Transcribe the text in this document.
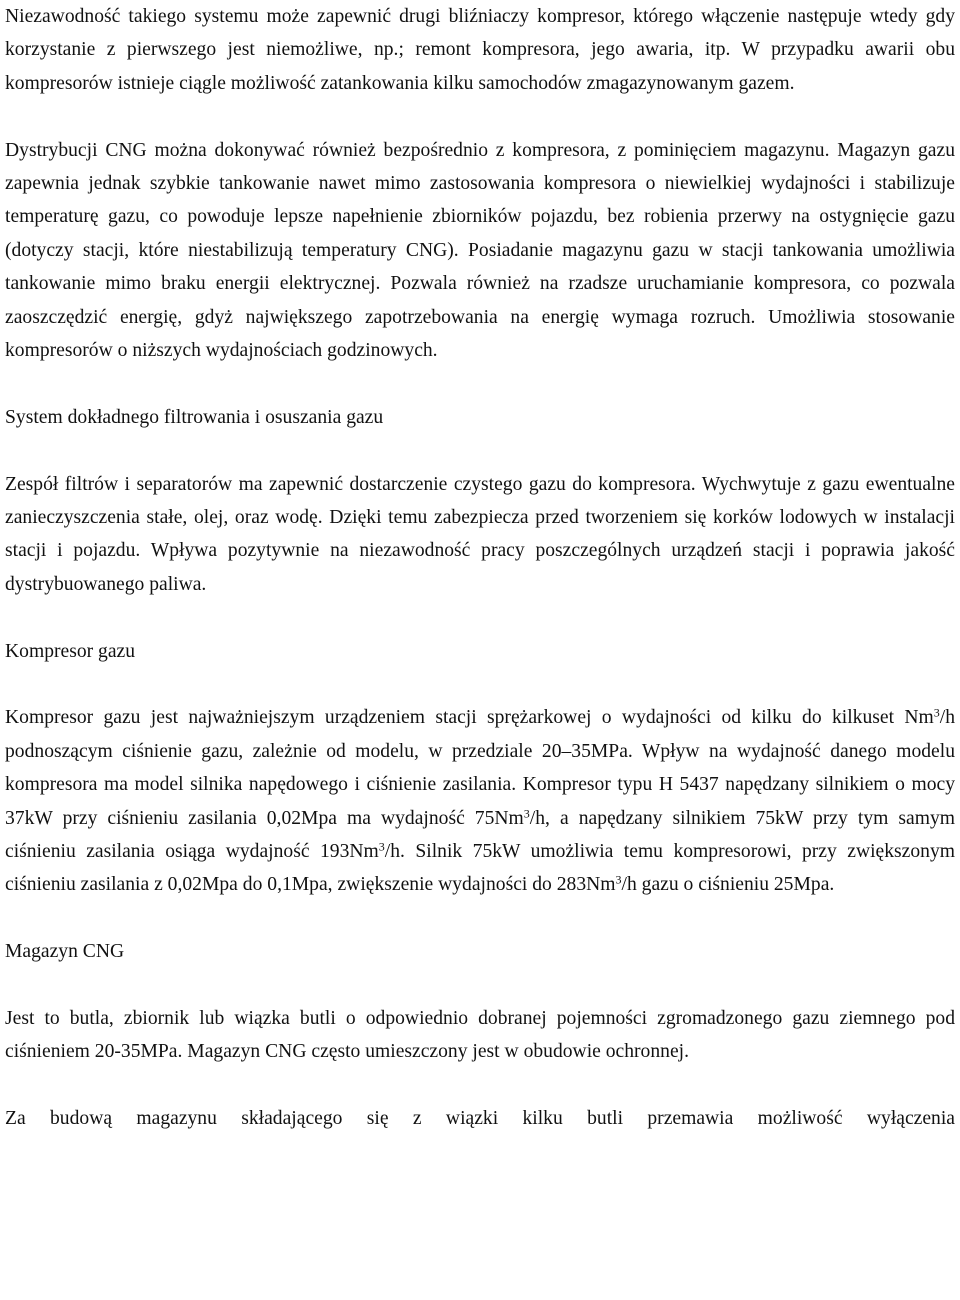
Niezawodność takiego systemu może zapewnić drugi bliźniaczy kompresor, którego włączenie następuje wtedy gdy korzystanie z pierwszego jest niemożliwe, np.; remont kompresora, jego awaria, itp. W przypadku awarii obu kompresorów istnieje ciągle możliwość zatankowania kilku samochodów zmagazynowanym gazem.

Dystrybucji CNG można dokonywać również bezpośrednio z kompresora, z pominięciem magazynu. Magazyn gazu zapewnia jednak szybkie tankowanie nawet mimo zastosowania kompresora o niewielkiej wydajności i stabilizuje temperaturę gazu, co powoduje lepsze napełnienie zbiorników pojazdu, bez robienia przerwy na ostygnięcie gazu (dotyczy stacji, które niestabilizują temperatury CNG). Posiadanie magazynu gazu w stacji tankowania umożliwia tankowanie mimo braku energii elektrycznej. Pozwala również na rzadsze uruchamianie kompresora, co pozwala zaoszczędzić energię, gdyż największego zapotrzebowania na energię wymaga rozruch. Umożliwia stosowanie kompresorów o niższych wydajnościach godzinowych.

System dokładnego filtrowania i osuszania gazu

Zespół filtrów i separatorów ma zapewnić dostarczenie czystego gazu do kompresora. Wychwytuje z gazu ewentualne zanieczyszczenia stałe, olej, oraz wodę. Dzięki temu zabezpiecza przed tworzeniem się korków lodowych w instalacji stacji i pojazdu. Wpływa pozytywnie na niezawodność pracy poszczególnych urządzeń stacji i poprawia jakość dystrybuowanego paliwa.

Kompresor gazu

Kompresor gazu jest najważniejszym urządzeniem stacji sprężarkowej o wydajności od kilku do kilkuset Nm$^3$/h podnoszącym ciśnienie gazu, zależnie od modelu, w przedziale 20–35MPa. Wpływ na wydajność danego modelu kompresora ma model silnika napędowego i ciśnienie zasilania. Kompresor typu H 5437 napędzany silnikiem o mocy 37kW przy ciśnieniu zasilania 0,02Mpa ma wydajność 75Nm$^3$/h, a napędzany silnikiem 75kW przy tym samym ciśnieniu zasilania osiąga wydajność 193Nm$^3$/h. Silnik 75kW umożliwia temu kompresorowi, przy zwiększonym ciśnieniu zasilania z 0,02Mpa do 0,1Mpa, zwiększenie wydajności do 283Nm$^3$/h gazu o ciśnieniu 25Mpa.

Magazyn CNG

Jest to butla, zbiornik lub wiązka butli o odpowiednio dobranej pojemności zgromadzonego gazu ziemnego pod ciśnieniem 20-35MPa. Magazyn CNG często umieszczony jest w obudowie ochronnej.

Za budową magazynu składającego się z wiązki kilku butli przemawia możliwość wyłączenia
